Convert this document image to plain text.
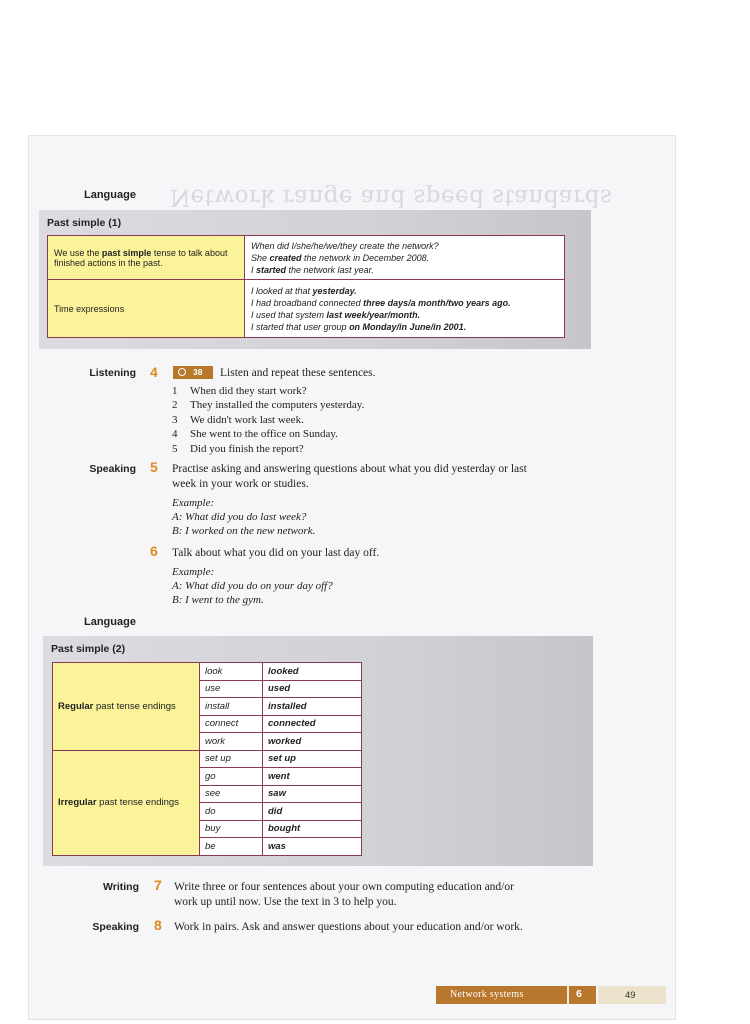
Network range and speed standards
Language
Past simple (1)
We use the past simple tense to talk about finished actions in the past.	When did I/she/he/we/they create the network?
She created the network in December 2008.
I started the network last year.

Time expressions	I looked at that yesterday.
I had broadband connected three days/a month/two years ago.
I used that system last week/year/month.
I started that user group on Monday/in June/in 2001.
Listening 4	38 Listen and repeat these sentences.
1 When did they start work?
2 They installed the computers yesterday.
3 We didn't work last week.
4 She went to the office on Sunday.
5 Did you finish the report?
Speaking 5 Practise asking and answering questions about what you did yesterday or last
week in your work or studies.
Example:
A: What did you do last week?
B: I worked on the new network.
6 Talk about what you did on your last day off.
Example:
A: What did you do on your day off?
B: I went to the gym.
Language
Past simple (2)
Regular past tense endings	look	looked
	use	used
	install	installed
	connect	connected
	work	worked
Irregular past tense endings	set up	set up
	go	went
	see	saw
	do	did
	buy	bought
	be	was
Writing 7 Write three or four sentences about your own computing education and/or
work up until now. Use the text in 3 to help you.
Speaking 8 Work in pairs. Ask and answer questions about your education and/or work.
Network systems	6	49
